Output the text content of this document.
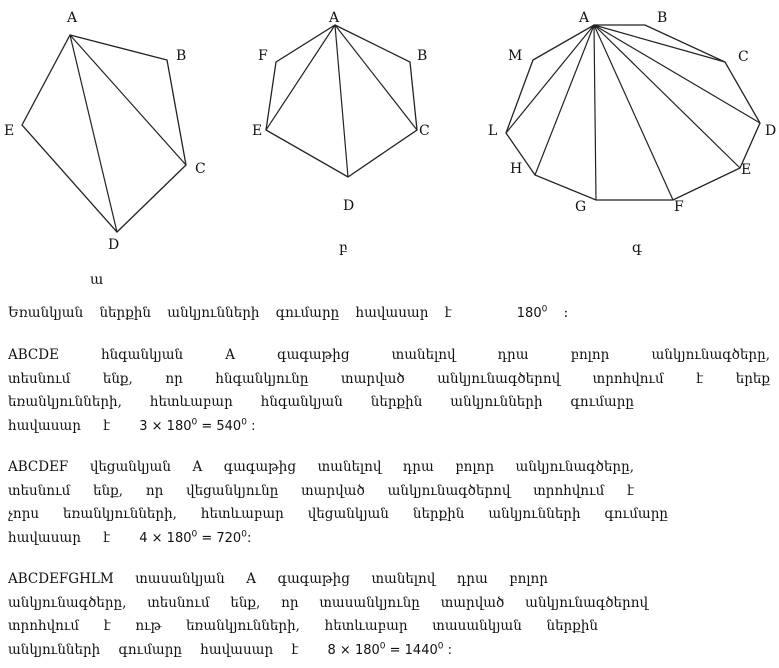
A
B
C
D
E
ա
A
B
C
D
E
F
բ
A	B
C
D
E
F
G
H
L
M
գ
Եռանկյան ներքին անկյունների գումարը հավասար է	$180^0$ :
ABCDE հնգանկյան A գագաթից տանելով դրա բոլոր անկյունագծերը,
տեսնում ենք, որ հնգանկյունը տարված անկյունագծերով տրոհվում է երեք
եռանկյունների, հետևաբար հնգանկյան ներքին անկյունների գումարը
հավասար է $3 \times 180^0 = 540^0$ :
ABCDEF վեցանկյան A գագաթից տանելով դրա բոլոր անկյունագծերը,
տեսնում ենք, որ վեցանկյունը տարված անկյունագծերով տրոհվում է
չորս եռանկյունների, հետևաբար վեցանկյան ներքին անկյունների գումարը
հավասար է $4 \times 180^0 = 720^0$:
ABCDEFGHLM տասանկյան A գագաթից տանելով դրա բոլոր
անկյունագծերը, տեսնում ենք, որ տասանկյունը տարված անկյունագծերով
տրոհվում է ութ եռանկյունների, հետևաբար տասանկյան ներքին
անկյունների գումարը հավասար է $8 \times 180^0 = 1440^0$ :
